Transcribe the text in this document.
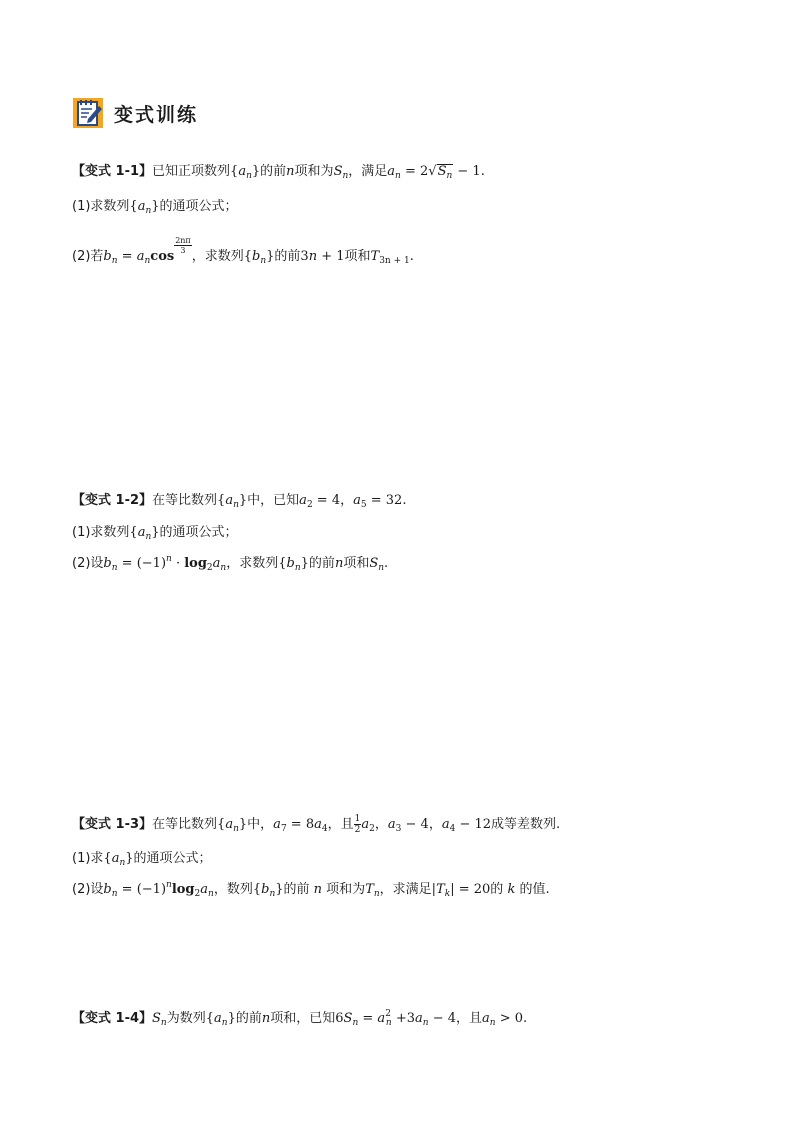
变式训练
【变式 1-1】已知正项数列$\{a_n\}$的前n项和为$S_n$，满足$a_n = 2√S_n - 1$.
(1)求数列$\{a_n\}$的通项公式；
(2)若$b_n = a_n\cos$
$\frac{2n\pi}{3}$
，求数列$\{b_n\}$的前3n + 1项和$T_{3n + 1}$.
【变式 1-2】在等比数列$\{a_n\}$中，已知$a_2 = 4$，$a_5 = 32$.
(1)求数列$\{a_n\}$的通项公式；
(2)设$b_n = (-1)^n \cdot \log_2a_n$，求数列$\{b_n\}$的前n项和$S_n$.
【变式 1-3】在等比数列$\{a_n\}$中，$a_7 = 8a_4$，且 $\frac{1}{2} a_2$，$a_3 - 4$，$a_4 - 12$成等差数列.
(1)求$\{a_n\}$的通项公式；
(2)设$b_n = (-1)^n\log_2a_n$，数列$\{b_n\}$的前 n 项和为$T_n$，求满足$|T_k| = 20$的 k 的值.
【变式 1-4】$S_n$为数列$\{a_n\}$的前n项和，已知$6S_n = a^2_n +3a_n - 4$，且$a_n > 0$.
